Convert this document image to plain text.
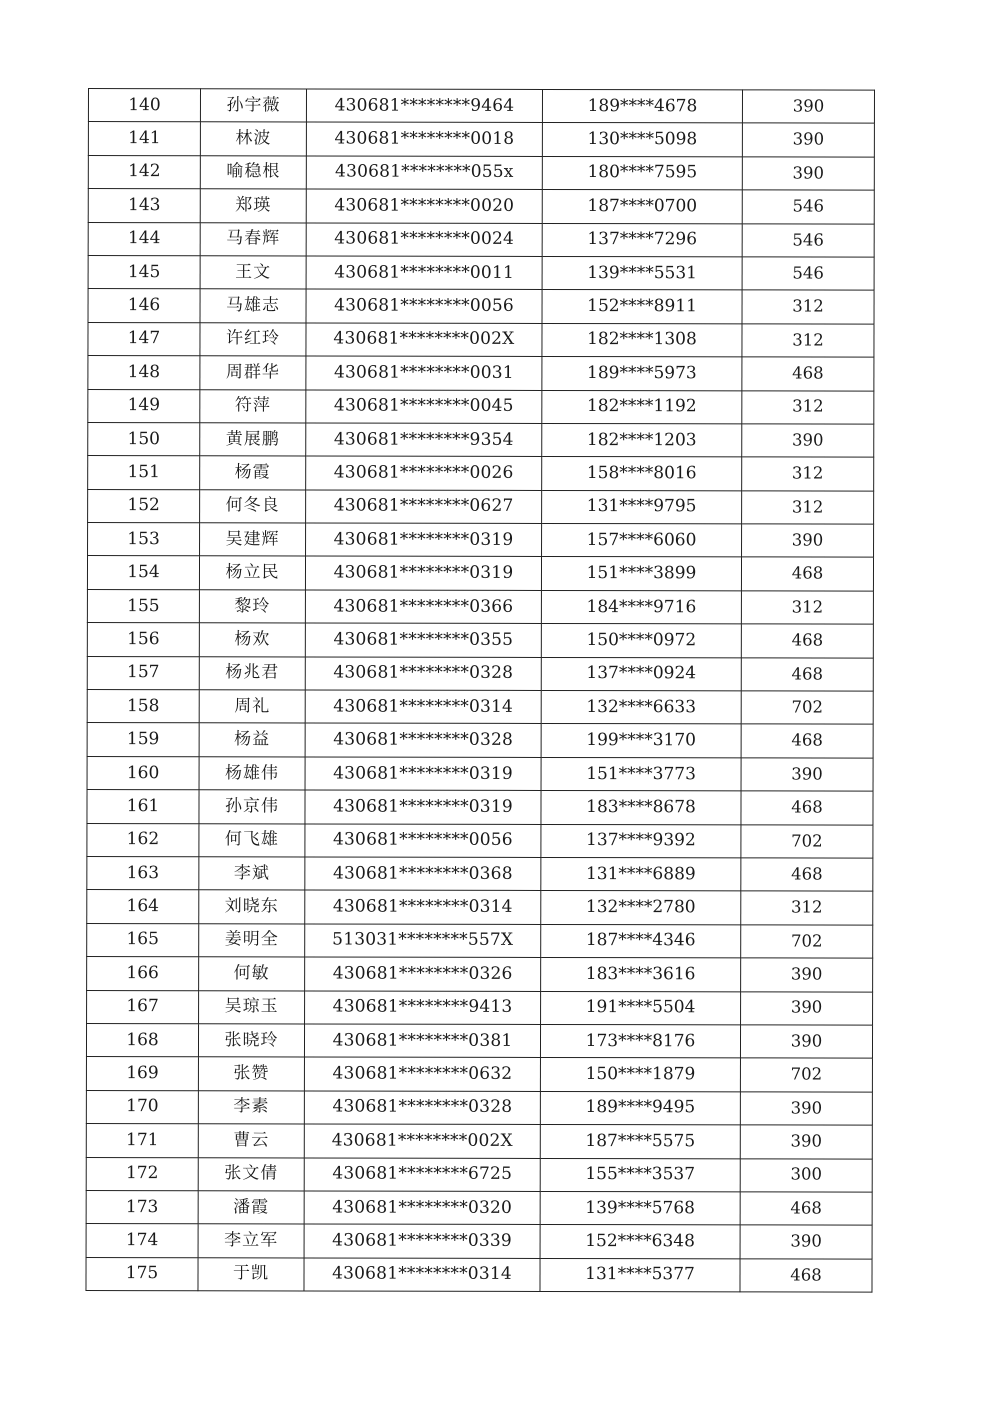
140	孙宇薇	430681********9464	189****4678	390
141	林波	430681********0018	130****5098	390
142	喻稳根	430681********055x	180****7595	390
143	郑瑛	430681********0020	187****0700	546
144	马春辉	430681********0024	137****7296	546
145	王文	430681********0011	139****5531	546
146	马雄志	430681********0056	152****8911	312
147	许红玲	430681********002X	182****1308	312
148	周群华	430681********0031	189****5973	468
149	符萍	430681********0045	182****1192	312
150	黄展鹏	430681********9354	182****1203	390
151	杨霞	430681********0026	158****8016	312
152	何冬良	430681********0627	131****9795	312
153	吴建辉	430681********0319	157****6060	390
154	杨立民	430681********0319	151****3899	468
155	黎玲	430681********0366	184****9716	312
156	杨欢	430681********0355	150****0972	468
157	杨兆君	430681********0328	137****0924	468
158	周礼	430681********0314	132****6633	702
159	杨益	430681********0328	199****3170	468
160	杨雄伟	430681********0319	151****3773	390
161	孙京伟	430681********0319	183****8678	468
162	何飞雄	430681********0056	137****9392	702
163	李斌	430681********0368	131****6889	468
164	刘晓东	430681********0314	132****2780	312
165	姜明全	513031********557X	187****4346	702
166	何敏	430681********0326	183****3616	390
167	吴琼玉	430681********9413	191****5504	390
168	张晓玲	430681********0381	173****8176	390
169	张赞	430681********0632	150****1879	702
170	李素	430681********0328	189****9495	390
171	曹云	430681********002X	187****5575	390
172	张文倩	430681********6725	155****3537	300
173	潘霞	430681********0320	139****5768	468
174	李立军	430681********0339	152****6348	390
175	于凯	430681********0314	131****5377	468
